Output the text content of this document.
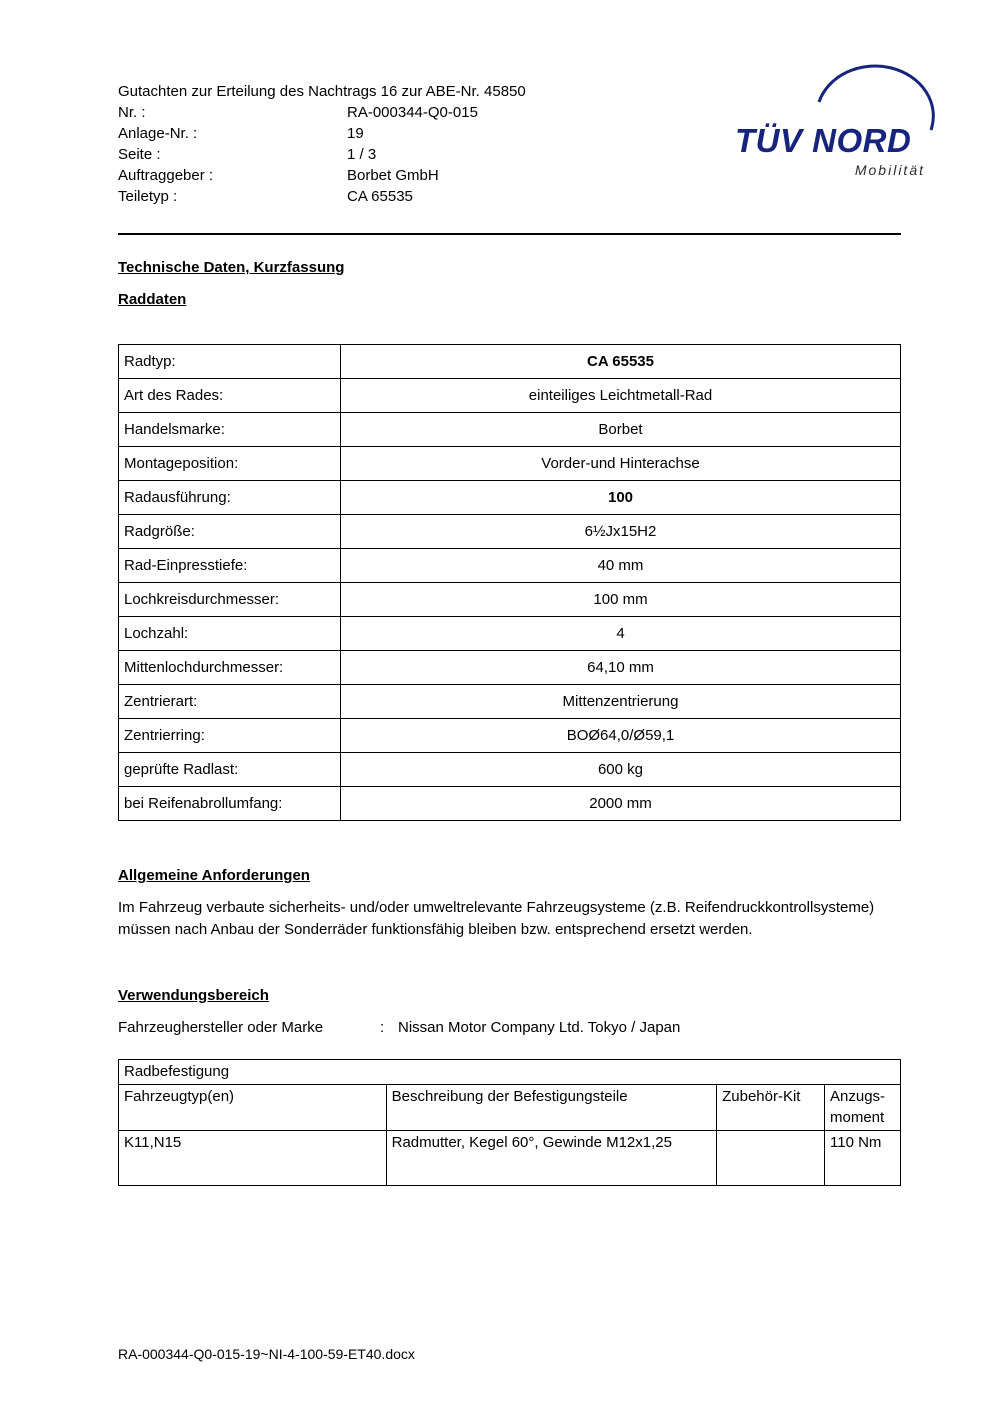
TÜV NORD
Mobilität
Gutachten zur Erteilung des Nachtrags 16 zur ABE-Nr. 45850
Nr. :	RA-000344-Q0-015
Anlage-Nr. :	19
Seite :	1 / 3
Auftraggeber :	Borbet GmbH
Teiletyp :	CA 65535
Technische Daten, Kurzfassung
Raddaten
Radtyp:	CA 65535
Art des Rades:	einteiliges Leichtmetall-Rad
Handelsmarke:	Borbet
Montageposition:	Vorder-und Hinterachse
Radausführung:	100
Radgröße:	6½Jx15H2
Rad-Einpresstiefe:	40 mm
Lochkreisdurchmesser:	100 mm
Lochzahl:	4
Mittenlochdurchmesser:	64,10 mm
Zentrierart:	Mittenzentrierung
Zentrierring:	BOØ64,0/Ø59,1
geprüfte Radlast:	600 kg
bei Reifenabrollumfang:	2000 mm
Allgemeine Anforderungen

Im Fahrzeug verbaute sicherheits- und/oder umweltrelevante Fahrzeugsysteme (z.B. Reifendruckkontrollsysteme) müssen nach Anbau der Sonderräder funktionsfähig bleiben bzw. entsprechend ersetzt werden.

Verwendungsbereich
Fahrzeughersteller oder Marke	: Nissan Motor Company Ltd. Tokyo / Japan
Radbefestigung			
Fahrzeugtyp(en)	Beschreibung der Befestigungsteile	Zubehör-Kit	Anzugs-moment
K11,N15	Radmutter, Kegel 60°, Gewinde M12x1,25		110 Nm
RA-000344-Q0-015-19~NI-4-100-59-ET40.docx
